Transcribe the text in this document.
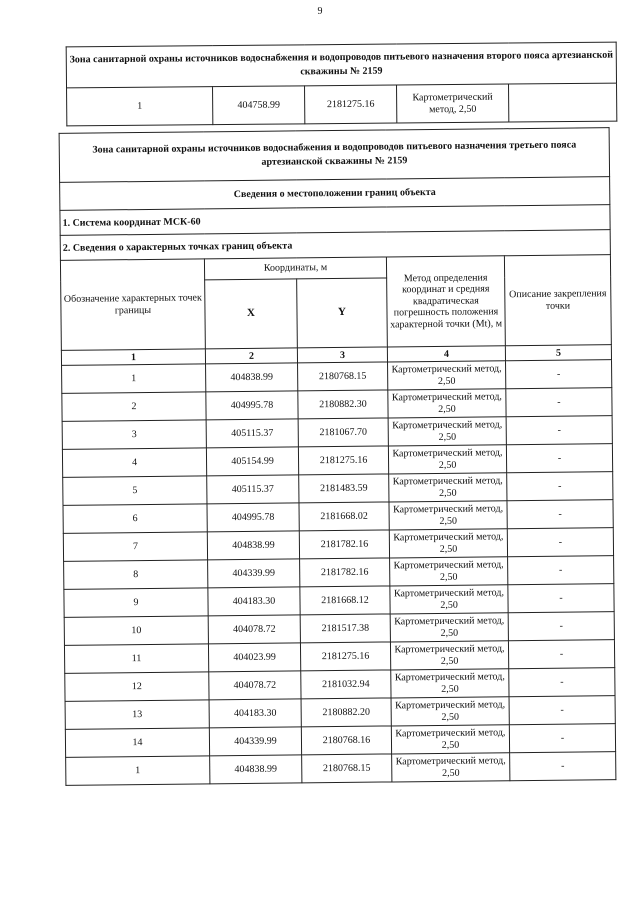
9
Зона санитарной охраны источников водоснабжения и водопроводов питьевого назначения второго пояса артезианской скважины № 2159
1	404758.99	2181275.16	Картометрический метод, 2,50	
Зона санитарной охраны источников водоснабжения и водопроводов питьевого назначения третьего пояса артезианской скважины № 2159				
Сведения о местоположении границ объекта				
1. Система координат МСК-60				
2. Сведения о характерных точках границ объекта				
Обозначение характерных точек границы	Координаты, м		Метод определения координат и средняя квадратическая погрешность положения характерной точки (Mt), м	Описание закрепления точки
	X	Y		
1	2	3	4	5
1	404838.99	2180768.15	Картометрический метод, 2,50	-
2	404995.78	2180882.30	Картометрический метод, 2,50	-
3	405115.37	2181067.70	Картометрический метод, 2,50	-
4	405154.99	2181275.16	Картометрический метод, 2,50	-
5	405115.37	2181483.59	Картометрический метод, 2,50	-
6	404995.78	2181668.02	Картометрический метод, 2,50	-
7	404838.99	2181782.16	Картометрический метод, 2,50	-
8	404339.99	2181782.16	Картометрический метод, 2,50	-
9	404183.30	2181668.12	Картометрический метод, 2,50	-
10	404078.72	2181517.38	Картометрический метод, 2,50	-
11	404023.99	2181275.16	Картометрический метод, 2,50	-
12	404078.72	2181032.94	Картометрический метод, 2,50	-
13	404183.30	2180882.20	Картометрический метод, 2,50	-
14	404339.99	2180768.16	Картометрический метод, 2,50	-
1	404838.99	2180768.15	Картометрический метод, 2,50	-
